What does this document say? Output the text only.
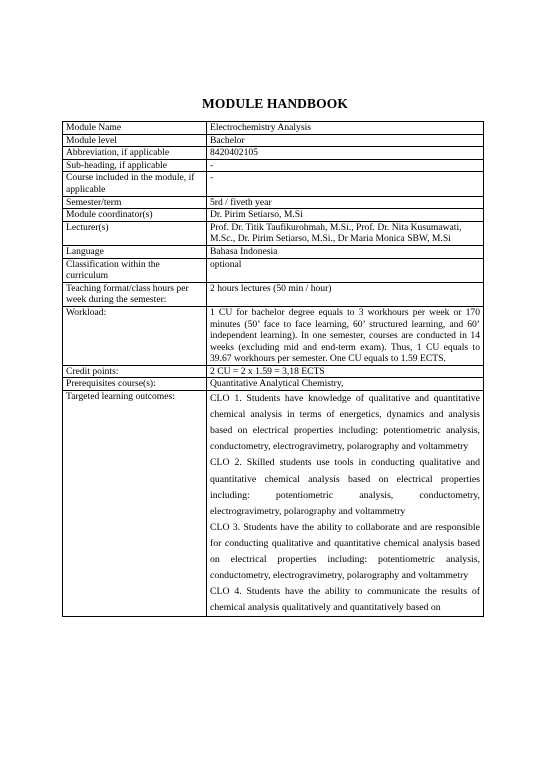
MODULE HANDBOOK
Module Name	Electrochemistry Analysis
Module level	Bachelor
Abbreviation, if applicable	8420402105
Sub-heading, if applicable	-
Course included in the module, if applicable	-
Semester/term	5rd / fiveth year
Module coordinator(s)	Dr. Pirim Setiarso, M.Si
Lecturer(s)	Prof. Dr. Titik Taufikurohmah, M.Si., Prof. Dr. Nita Kusumawati, M.Sc., Dr. Pirim Setiarso, M.Si., Dr Maria Monica SBW, M.Si
Language	Bahasa Indonesia
Classification within the curriculum	optional
Teaching format/class hours per week during the semester:	2 hours lectures (50 min / hour)
Workload:	1 CU for bachelor degree equals to 3 workhours per week or 170 minutes (50’ face to face learning, 60’ structured learning, and 60’ independent learning). In one semester, courses are conducted in 14 weeks (excluding mid and end-term exam). Thus, 1 CU equals to 39.67 workhours per semester. One CU equals to 1.59 ECTS.
Credit points:	2 CU = 2 x 1.59 = 3,18 ECTS
Prerequisites course(s):	Quantitative Analytical Chemistry,
Targeted learning outcomes:	CLO 1. Students have knowledge of qualitative and quantitative chemical analysis in terms of energetics, dynamics and analysis based on electrical properties including: potentiometric analysis, conductometry, electrogravimetry, polarography and voltammetry
CLO 2. Skilled students use tools in conducting qualitative and quantitative chemical analysis based on electrical properties including: potentiometric analysis, conductometry, electrogravimetry, polarography and voltammetry
CLO 3. Students have the ability to collaborate and are responsible for conducting qualitative and quantitative chemical analysis based on electrical properties including: potentiometric analysis, conductometry, electrogravimetry, polarography and voltammetry
CLO 4. Students have the ability to communicate the results of chemical analysis qualitatively and quantitatively based on
